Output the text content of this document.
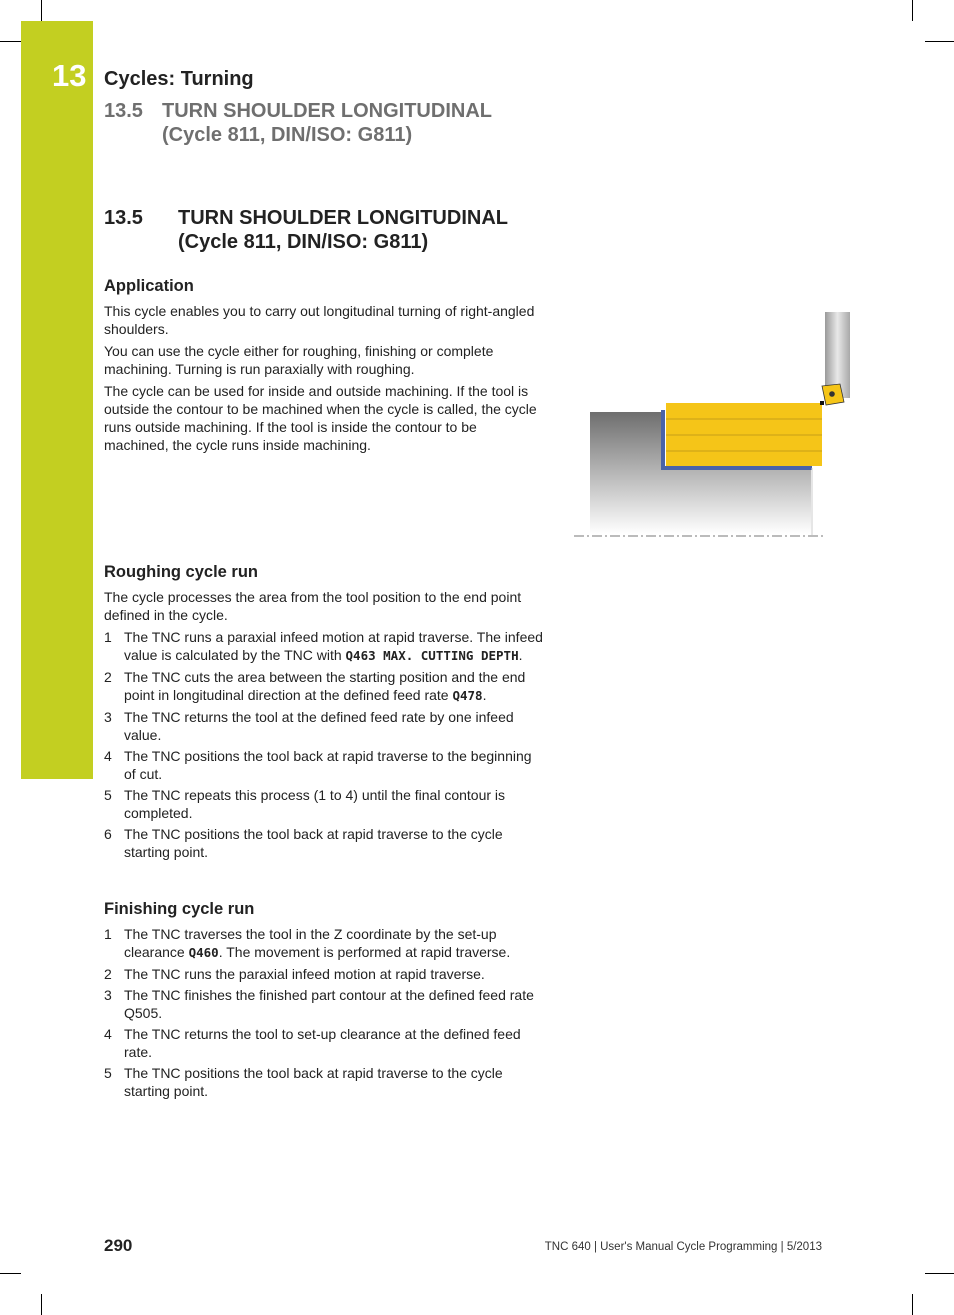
13 Cycles: Turning
13.5 TURN SHOULDER LONGITUDINAL
(Cycle 811, DIN/ISO: G811)
13.5 TURN SHOULDER LONGITUDINAL
(Cycle 811, DIN/ISO: G811)
Application

This cycle enables you to carry out longitudinal turning of right-angled shoulders.

You can use the cycle either for roughing, finishing or complete machining. Turning is run paraxially with roughing.

The cycle can be used for inside and outside machining. If the tool is outside the contour to be machined when the cycle is called, the cycle runs outside machining. If the tool is inside the contour to be machined, the cycle runs inside machining.

Roughing cycle run

The cycle processes the area from the tool position to the end point defined in the cycle.

1 The TNC runs a paraxial infeed motion at rapid traverse. The infeed value is calculated by the TNC with Q463 MAX. CUTTING DEPTH.
2 The TNC cuts the area between the starting position and the end point in longitudinal direction at the defined feed rate Q478.
3 The TNC returns the tool at the defined feed rate by one infeed value.
4 The TNC positions the tool back at rapid traverse to the beginning of cut.
5 The TNC repeats this process (1 to 4) until the final contour is completed.
6 The TNC positions the tool back at rapid traverse to the cycle starting point.
Finishing cycle run
1 The TNC traverses the tool in the Z coordinate by the set-up clearance Q460. The movement is performed at rapid traverse.
2 The TNC runs the paraxial infeed motion at rapid traverse.
3 The TNC finishes the finished part contour at the defined feed rate Q505.
4 The TNC returns the tool to set-up clearance at the defined feed rate.
5 The TNC positions the tool back at rapid traverse to the cycle starting point.
290	TNC 640 | User's Manual Cycle Programming | 5/2013
